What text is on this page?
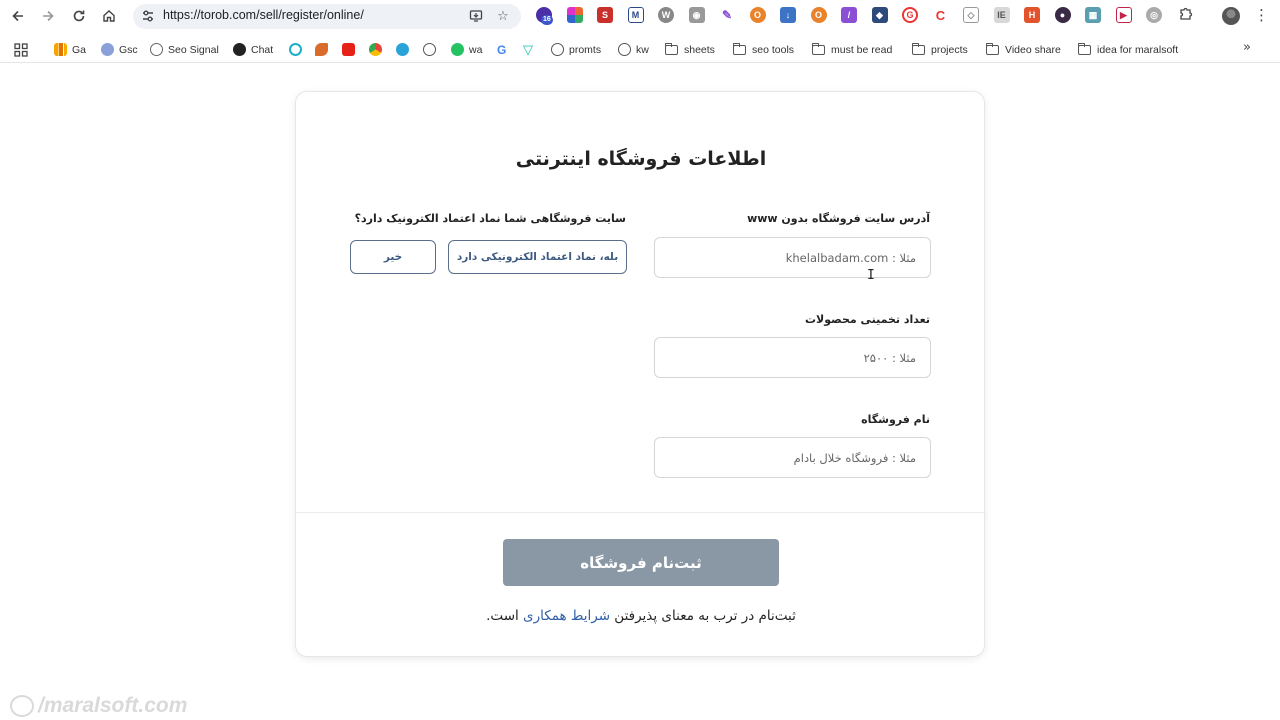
https://torob.com/sell/register/online/	☆	16	S	M	W	◉	✎	O	↓	O	/	◆	G	C	◇	IE	H	●	▦	▶	◎	⋮
Ga	Gsc	Seo Signal	Chat	wa G ▽	promts	kw	sheets	seo tools	must be read	projects	Video share	idea for maralsoft	»
اطلاعات فروشگاه اینترنتی
آدرس سایت فروشگاه بدون www
مثلا : khelalbadam.com
سایت فروشگاهی شما نماد اعتماد الکترونیک دارد؟
بله، نماد اعتماد الکترونیکی دارد
خیر
تعداد تخمینی محصولات
مثلا : ۲۵۰۰
نام فروشگاه
مثلا : فروشگاه خلال بادام
ثبت‌نام فروشگاه
ثبت‌نام در ترب به معنای پذیرفتن شرایط همکاری است.
I
/maralsoft.com
